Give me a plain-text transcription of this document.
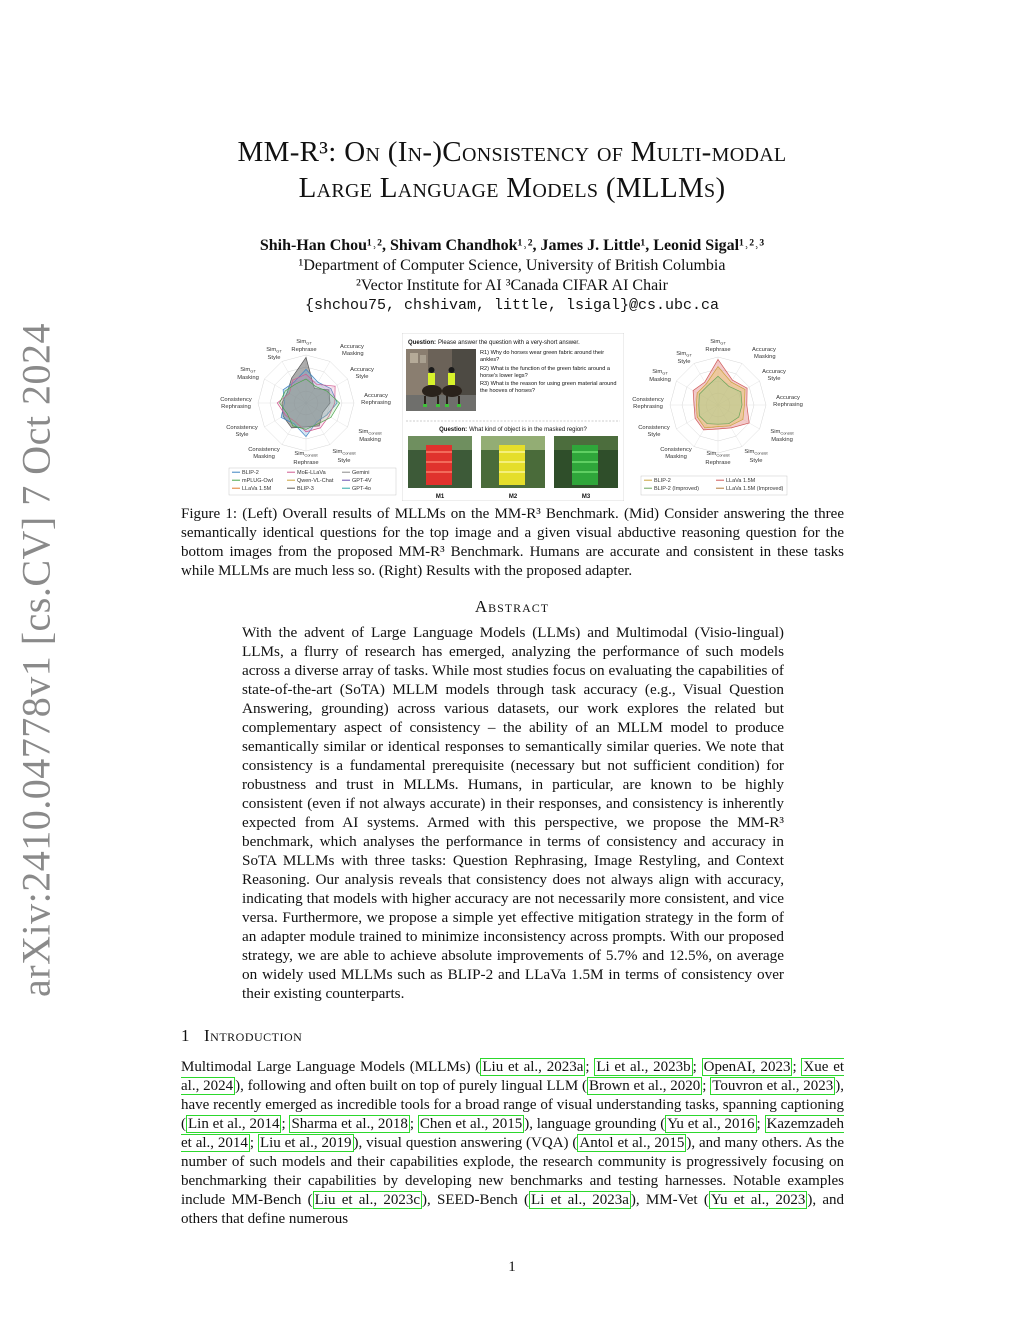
arXiv:2410.04778v1 [cs.CV] 7 Oct 2024
MM-R³: On (In-)Consistency of Multi-modal
Large Language Models (MLLMs)
Shih-Han Chou¹˒², Shivam Chandhok¹˒², James J. Little¹, Leonid Sigal¹˒²˒³
¹Department of Computer Science, University of British Columbia
²Vector Institute for AI ³Canada CIFAR AI Chair
{shchou75, chshivam, little, lsigal}@cs.ubc.ca
Sim$_{GT}$
Rephrase	Accuracy
Masking
Sim$_{GT}$
Style
Accuracy
Style
Sim$_{GT}$
Masking
Accuracy
Rephrasing
Consistency
Rephrasing
Consistency
Style	Sim$_{Consist}$
Masking
Consistency
Masking	Sim$_{Consist}$
Rephrase
Sim$_{Consist}$
Style
BLIP-2	MoE-LLaVa	Gemini
mPLUG-Owl	Qwen-VL-Chat	GPT-4V
LLaVa 1.5M	BLIP-3	GPT-4o
Question: Please answer the question with a very-short answer.
R1) Why do horses wear green fabric around their ankles?
R2) What is the function of the green fabric around a horse's lower legs?
R3) What is the reason for using green material around the hooves of horses?
Question: What kind of object is in the masked region?
M1	M2	M3
Sim$_{GT}$
Rephrase	Accuracy
Masking
Sim$_{GT}$
Style
Accuracy
Style
Sim$_{GT}$
Masking
Accuracy
Rephrasing
Consistency
Rephrasing
Consistency
Style	Sim$_{Consist}$
Masking
Consistency
Masking	Sim$_{Consist}$
Rephrase
Sim$_{Consist}$
Style
BLIP-2	LLaVa 1.5M
BLIP-2 (Improved)	LLaVa 1.5M (Improved)
Figure 1: (Left) Overall results of MLLMs on the MM-R³ Benchmark. (Mid) Consider answering the three semantically identical questions for the top image and a given visual abductive reasoning question for the bottom images from the proposed MM-R³ Benchmark. Humans are accurate and consistent in these tasks while MLLMs are much less so. (Right) Results with the proposed adapter.
Abstract
With the advent of Large Language Models (LLMs) and Multimodal (Visio-lingual) LLMs, a flurry of research has emerged, analyzing the performance of such models across a diverse array of tasks. While most studies focus on evaluating the capabilities of state-of-the-art (SoTA) MLLM models through task accuracy (e.g., Visual Question Answering, grounding) across various datasets, our work explores the related but complementary aspect of consistency – the ability of an MLLM model to produce semantically similar or identical responses to semantically similar queries. We note that consistency is a fundamental prerequisite (necessary but not sufficient condition) for robustness and trust in MLLMs. Humans, in particular, are known to be highly consistent (even if not always accurate) in their responses, and consistency is inherently expected from AI systems. Armed with this perspective, we propose the MM-R³ benchmark, which analyses the performance in terms of consistency and accuracy in SoTA MLLMs with three tasks: Question Rephrasing, Image Restyling, and Context Reasoning. Our analysis reveals that consistency does not always align with accuracy, indicating that models with higher accuracy are not necessarily more consistent, and vice versa. Furthermore, we propose a simple yet effective mitigation strategy in the form of an adapter module trained to minimize inconsistency across prompts. With our proposed strategy, we are able to achieve absolute improvements of 5.7% and 12.5%, on average on widely used MLLMs such as BLIP-2 and LLaVa 1.5M in terms of consistency over their existing counterparts.
1 Introduction
Multimodal Large Language Models (MLLMs) ( Liu et al., 2023a ; Li et al., 2023b ; OpenAI, 2023 ; Xue et al., 2024 ), following and often built on top of purely lingual LLM ( Brown et al., 2020 ; Touvron et al., 2023 ), have recently emerged as incredible tools for a broad range of visual understanding tasks, spanning captioning ( Lin et al., 2014 ; Sharma et al., 2018 ; Chen et al., 2015 ), language grounding ( Yu et al., 2016 ; Kazemzadeh et al., 2014 ; Liu et al., 2019 ), visual question answering (VQA) ( Antol et al., 2015 ), and many others. As the number of such models and their capabilities explode, the research community is progressively focusing on benchmarking their capabilities by developing new benchmarks and testing harnesses. Notable examples include MM-Bench ( Liu et al., 2023c ), SEED-Bench ( Li et al., 2023a ), MM-Vet ( Yu et al., 2023 ), and others that define numerous
1
